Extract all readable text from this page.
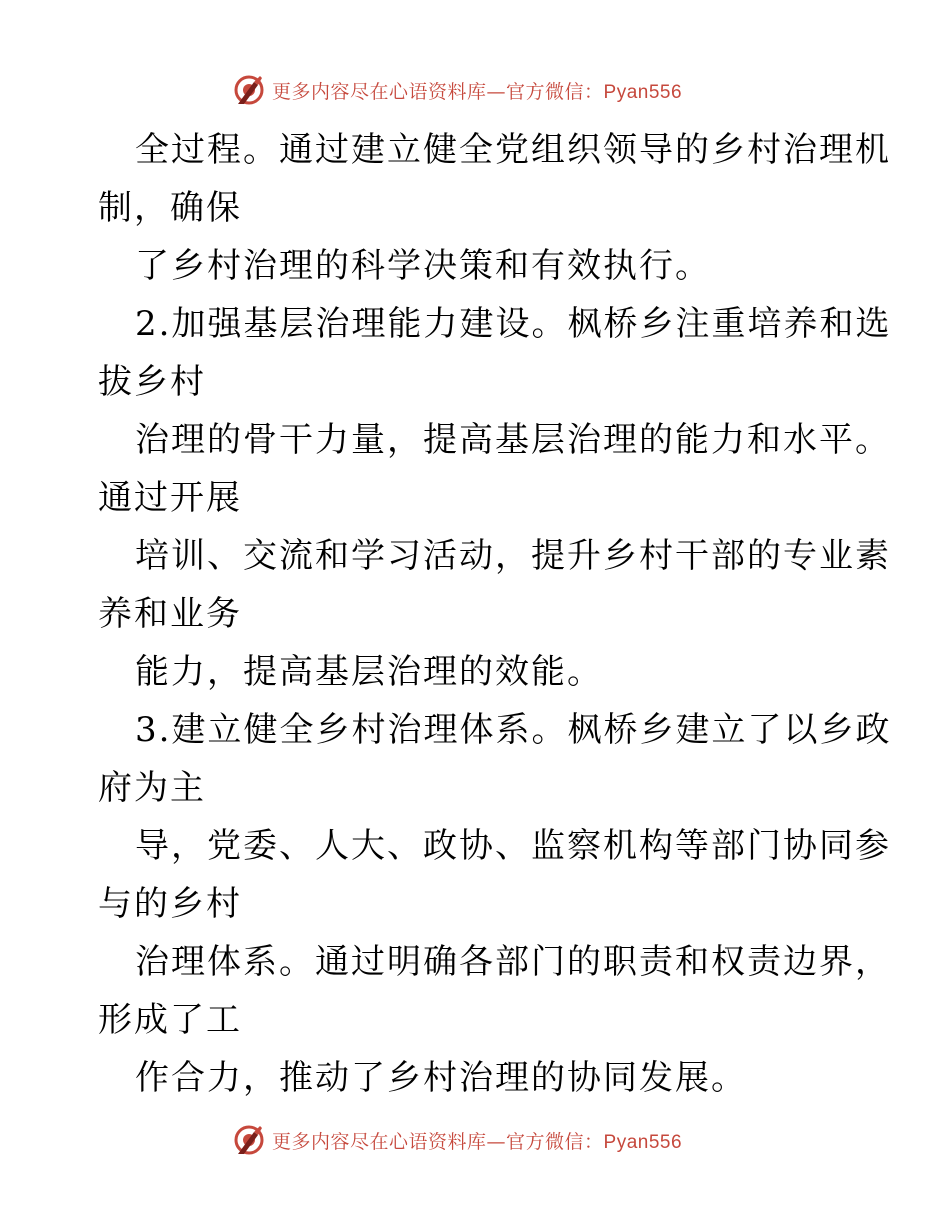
更多内容尽在心语资料库—官方微信：Pyan556
全过程。通过建立健全党组织领导的乡村治理机
制，确保
了乡村治理的科学决策和有效执行。
2.加强基层治理能力建设。枫桥乡注重培养和选
拔乡村
治理的骨干力量，提高基层治理的能力和水平。
通过开展
培训、交流和学习活动，提升乡村干部的专业素
养和业务
能力，提高基层治理的效能。
3.建立健全乡村治理体系。枫桥乡建立了以乡政
府为主
导，党委、人大、政协、监察机构等部门协同参
与的乡村
治理体系。通过明确各部门的职责和权责边界，
形成了工
作合力，推动了乡村治理的协同发展。
更多内容尽在心语资料库—官方微信：Pyan556
